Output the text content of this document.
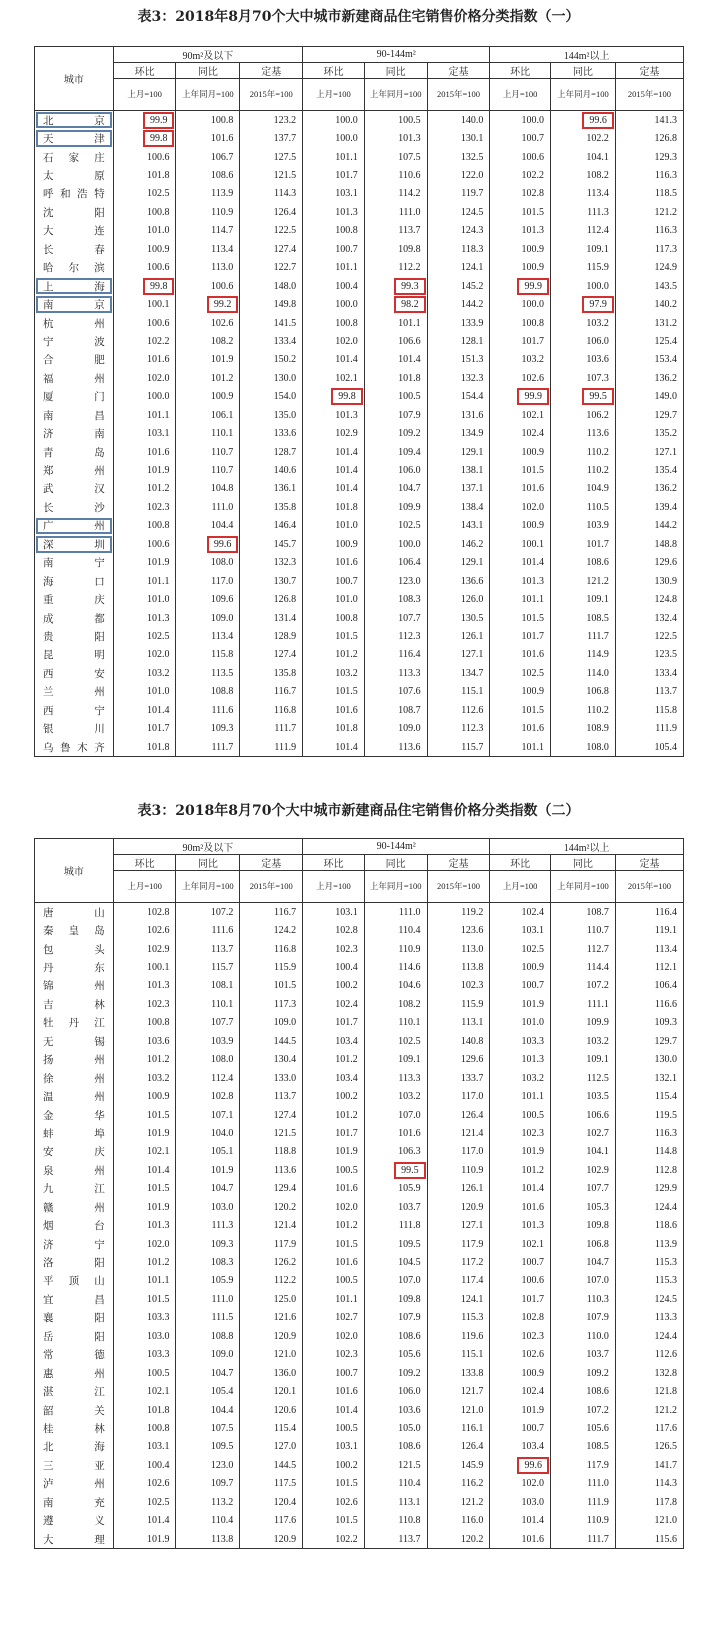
表3：2018年8月70个大中城市新建商品住宅销售价格分类指数（一）
城市	90m²及以下			90-144m²			144m²以上		
	环比	同比	定基	环比	同比	定基	环比	同比	定基
	上月=100	上年同月=100	2015年=100	上月=100	上年同月=100	2015年=100	上月=100	上年同月=100	2015年=100
北　京	99.9	100.8	123.2	100.0	100.5	140.0	100.0	99.6	141.3
天　津	99.8	101.6	137.7	100.0	101.3	130.1	100.7	102.2	126.8
石家庄	100.6	106.7	127.5	101.1	107.5	132.5	100.6	104.1	129.3
太　原	101.8	108.6	121.5	101.7	110.6	122.0	102.2	108.2	116.3
呼和浩特	102.5	113.9	114.3	103.1	114.2	119.7	102.8	113.4	118.5
沈　阳	100.8	110.9	126.4	101.3	111.0	124.5	101.5	111.3	121.2
大　连	101.0	114.7	122.5	100.8	113.7	124.3	101.3	112.4	116.3
长　春	100.9	113.4	127.4	100.7	109.8	118.3	100.9	109.1	117.3
哈尔滨	100.6	113.0	122.7	101.1	112.2	124.1	100.9	115.9	124.9
上　海	99.8	100.6	148.0	100.4	99.3	145.2	99.9	100.0	143.5
南　京	100.1	99.2	149.8	100.0	98.2	144.2	100.0	97.9	140.2
杭　州	100.6	102.6	141.5	100.8	101.1	133.9	100.8	103.2	131.2
宁　波	102.2	108.2	133.4	102.0	106.6	128.1	101.7	106.0	125.4
合　肥	101.6	101.9	150.2	101.4	101.4	151.3	103.2	103.6	153.4
福　州	102.0	101.2	130.0	102.1	101.8	132.3	102.6	107.3	136.2
厦　门	100.0	100.9	154.0	99.8	100.5	154.4	99.9	99.5	149.0
南　昌	101.1	106.1	135.0	101.3	107.9	131.6	102.1	106.2	129.7
济　南	103.1	110.1	133.6	102.9	109.2	134.9	102.4	113.6	135.2
青　岛	101.6	110.7	128.7	101.4	109.4	129.1	100.9	110.2	127.1
郑　州	101.9	110.7	140.6	101.4	106.0	138.1	101.5	110.2	135.4
武　汉	101.2	104.8	136.1	101.4	104.7	137.1	101.6	104.9	136.2
长　沙	102.3	111.0	135.8	101.8	109.9	138.4	102.0	110.5	139.4
广　州	100.8	104.4	146.4	101.0	102.5	143.1	100.9	103.9	144.2
深　圳	100.6	99.6	145.7	100.9	100.0	146.2	100.1	101.7	148.8
南　宁	101.9	108.0	132.3	101.6	106.4	129.1	101.4	108.6	129.6
海　口	101.1	117.0	130.7	100.7	123.0	136.6	101.3	121.2	130.9
重　庆	101.0	109.6	126.8	101.0	108.3	126.0	101.1	109.1	124.8
成　都	101.3	109.0	131.4	100.8	107.7	130.5	101.5	108.5	132.4
贵　阳	102.5	113.4	128.9	101.5	112.3	126.1	101.7	111.7	122.5
昆　明	102.0	115.8	127.4	101.2	116.4	127.1	101.6	114.9	123.5
西　安	103.2	113.5	135.8	103.2	113.3	134.7	102.5	114.0	133.4
兰　州	101.0	108.8	116.7	101.5	107.6	115.1	100.9	106.8	113.7
西　宁	101.4	111.6	116.8	101.6	108.7	112.6	101.5	110.2	115.8
银　川	101.7	109.3	111.7	101.8	109.0	112.3	101.6	108.9	111.9
乌鲁木齐	101.8	111.7	111.9	101.4	113.6	115.7	101.1	108.0	105.4
表3：2018年8月70个大中城市新建商品住宅销售价格分类指数（二）
城市	90m²及以下			90-144m²			144m²以上		
	环比	同比	定基	环比	同比	定基	环比	同比	定基
	上月=100	上年同月=100	2015年=100	上月=100	上年同月=100	2015年=100	上月=100	上年同月=100	2015年=100
唐　山	102.8	107.2	116.7	103.1	111.0	119.2	102.4	108.7	116.4
秦皇岛	102.6	111.6	124.2	102.8	110.4	123.6	103.1	110.7	119.1
包　头	102.9	113.7	116.8	102.3	110.9	113.0	102.5	112.7	113.4
丹　东	100.1	115.7	115.9	100.4	114.6	113.8	100.9	114.4	112.1
锦　州	101.3	108.1	101.5	100.2	104.6	102.3	100.7	107.2	106.4
吉　林	102.3	110.1	117.3	102.4	108.2	115.9	101.9	111.1	116.6
牡丹江	100.8	107.7	109.0	101.7	110.1	113.1	101.0	109.9	109.3
无　锡	103.6	103.9	144.5	103.4	102.5	140.8	103.3	103.2	129.7
扬　州	101.2	108.0	130.4	101.2	109.1	129.6	101.3	109.1	130.0
徐　州	103.2	112.4	133.0	103.4	113.3	133.7	103.2	112.5	132.1
温　州	100.9	102.8	113.7	100.2	103.2	117.0	101.1	103.5	115.4
金　华	101.5	107.1	127.4	101.2	107.0	126.4	100.5	106.6	119.5
蚌　埠	101.9	104.0	121.5	101.7	101.6	121.4	102.3	102.7	116.3
安　庆	102.1	105.1	118.8	101.9	106.3	117.0	101.9	104.1	114.8
泉　州	101.4	101.9	113.6	100.5	99.5	110.9	101.2	102.9	112.8
九　江	101.5	104.7	129.4	101.6	105.9	126.1	101.4	107.7	129.9
赣　州	101.9	103.0	120.2	102.0	103.7	120.9	101.6	105.3	124.4
烟　台	101.3	111.3	121.4	101.2	111.8	127.1	101.3	109.8	118.6
济　宁	102.0	109.3	117.9	101.5	109.5	117.9	102.1	106.8	113.9
洛　阳	101.2	108.3	126.2	101.6	104.5	117.2	100.7	104.7	115.3
平顶山	101.1	105.9	112.2	100.5	107.0	117.4	100.6	107.0	115.3
宜　昌	101.5	111.0	125.0	101.1	109.8	124.1	101.7	110.3	124.5
襄　阳	103.3	111.5	121.6	102.7	107.9	115.3	102.8	107.9	113.3
岳　阳	103.0	108.8	120.9	102.0	108.6	119.6	102.3	110.0	124.4
常　德	103.3	109.0	121.0	102.3	105.6	115.1	102.6	103.7	112.6
惠　州	100.5	104.7	136.0	100.7	109.2	133.8	100.9	109.2	132.8
湛　江	102.1	105.4	120.1	101.6	106.0	121.7	102.4	108.6	121.8
韶　关	101.8	104.4	120.6	101.4	103.6	121.0	101.9	107.2	121.2
桂　林	100.8	107.5	115.4	100.5	105.0	116.1	100.7	105.6	117.6
北　海	103.1	109.5	127.0	103.1	108.6	126.4	103.4	108.5	126.5
三　亚	100.4	123.0	144.5	100.2	121.5	145.9	99.6	117.9	141.7
泸　州	102.6	109.7	117.5	101.5	110.4	116.2	102.0	111.0	114.3
南　充	102.5	113.2	120.4	102.6	113.1	121.2	103.0	111.9	117.8
遵　义	101.4	110.4	117.6	101.5	110.8	116.0	101.4	110.9	121.0
大　理	101.9	113.8	120.9	102.2	113.7	120.2	101.6	111.7	115.6
